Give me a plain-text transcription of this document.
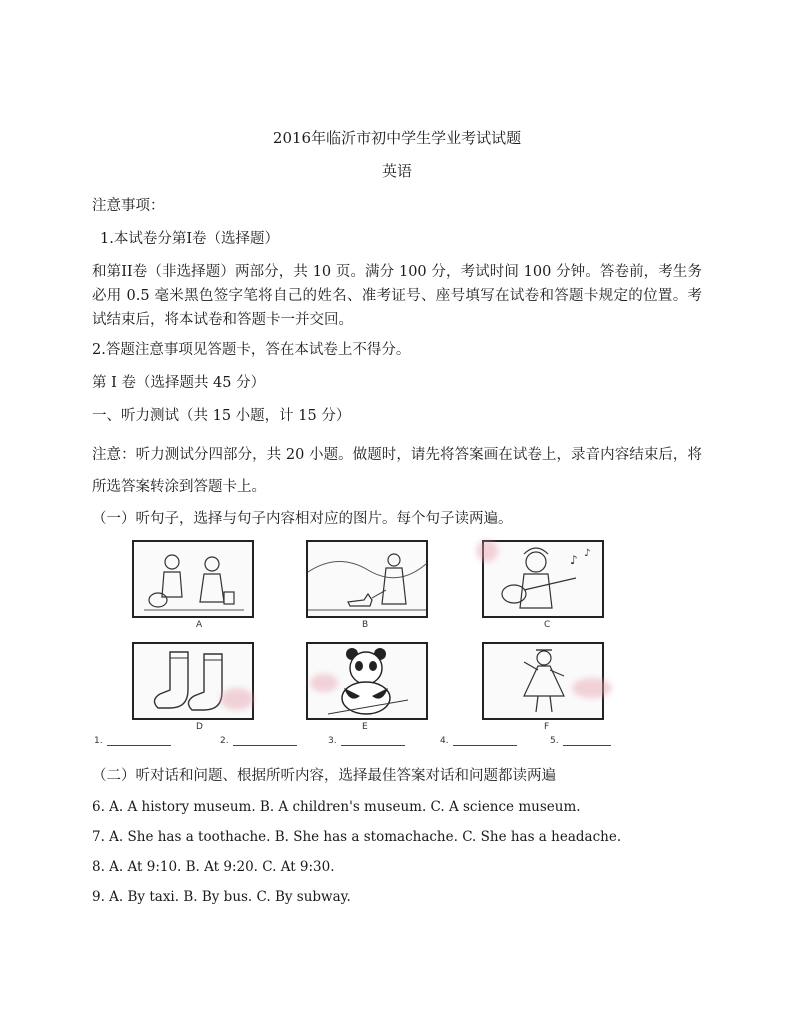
2016年临沂市初中学生学业考试试题
英语
注意事项：
1.本试卷分第I卷（选择题）
和第II卷（非选择题）两部分，共 10 页。满分 100 分，考试时间 100 分钟。答卷前，考生务必用 0.5 毫米黑色签字笔将自己的姓名、准考证号、座号填写在试卷和答题卡规定的位置。考试结束后，将本试卷和答题卡一并交回。
2.答题注意事项见答题卡，答在本试卷上不得分。
第 I 卷（选择题共 45 分）
一、听力测试（共 15 小题，计 15 分）
注意：听力测试分四部分，共 20 小题。做题时，请先将答案画在试卷上，录音内容结束后，将所选答案转涂到答题卡上。
（一）听句子，选择与句子内容相对应的图片。每个句子读两遍。
A	B
♪ ♪
C
D	E	F
1.	2.	3.	4.	5.
（二）听对话和问题、根据所听内容，选择最佳答案对话和问题都读两遍
6. A. A history museum. B. A children's museum. C. A science museum.
7. A. She has a toothache. B. She has a stomachache. C. She has a headache.
8. A. At 9:10. B. At 9:20. C. At 9:30.
9. A. By taxi. B. By bus. C. By subway.
